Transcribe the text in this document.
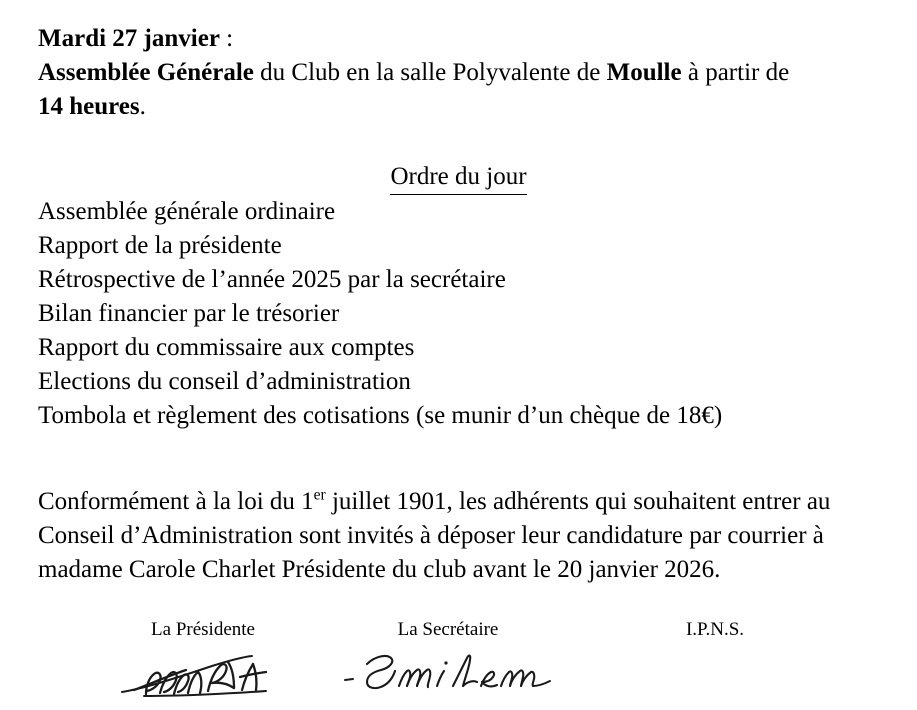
Mardi 27 janvier :
Assemblée Générale du Club en la salle Polyvalente de Moulle à partir de
14 heures.
Ordre du jour
Assemblée générale ordinaire
Rapport de la présidente
Rétrospective de l’année 2025 par la secrétaire
Bilan financier par le trésorier
Rapport du commissaire aux comptes
Elections du conseil d’administration
Tombola et règlement des cotisations (se munir d’un chèque de 18€)

Conformément à la loi du 1er juillet 1901, les adhérents qui souhaitent entrer au Conseil d’Administration sont invités à déposer leur candidature par courrier à madame Carole Charlet Présidente du club avant le 20 janvier 2026.

La Présidente	La Secrétaire	I.P.N.S.
